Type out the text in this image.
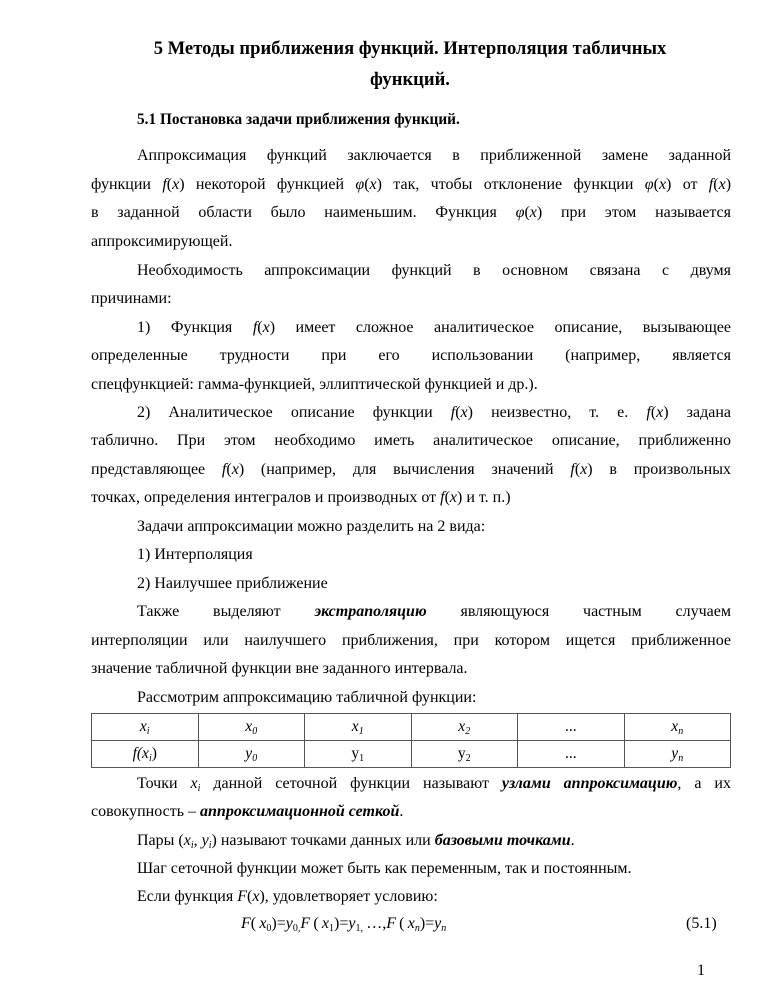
5 Методы приближения функций. Интерполяция табличных
функций.
5.1 Постановка задачи приближения функций.
Аппроксимация функций заключается в приближенной замене заданной
функции f(x) некоторой функцией φ(x) так, чтобы отклонение функции φ(x) от f(x)
в заданной области было наименьшим. Функция φ(x) при этом называется
аппроксимирующей.
Необходимость аппроксимации функций в основном связана с двумя
причинами:
1) Функция f(x) имеет сложное аналитическое описание, вызывающее
определенные трудности при его использовании (например, является
спецфункцией: гамма-функцией, эллиптической функцией и др.).
2) Аналитическое описание функции f(x) неизвестно, т. е. f(x) задана
таблично. При этом необходимо иметь аналитическое описание, приближенно
представляющее f(x) (например, для вычисления значений f(x) в произвольных
точках, определения интегралов и производных от f(x) и т. п.)
Задачи аппроксимации можно разделить на 2 вида:
1) Интерполяция
2) Наилучшее приближение
Также выделяют экстраполяцию являющуюся частным случаем
интерполяции или наилучшего приближения, при котором ищется приближенное
значение табличной функции вне заданного интервала.
Рассмотрим аппроксимацию табличной функции:
$x_i$	$x_0$	$x_1$	$x_2$	...	$x_n$
$f(x_i)$	$y_0$	$y_1$	$y_2$	...	$y_n$
Точки $x_i$ данной сеточной функции называют узлами аппроксимацию, а их
совокупность – аппроксимационной сеткой.
Пары ($x_i$, $y_i$) называют точками данных или базовыми точками.
Шаг сеточной функции может быть как переменным, так и постоянным.
Если функция F(x), удовлетворяет условию:
F( $x_0)=y_{0,}F$ ( $x_1)=y_{1,}$  …,F ( $x_n)=y_n$	(5.1)
1
